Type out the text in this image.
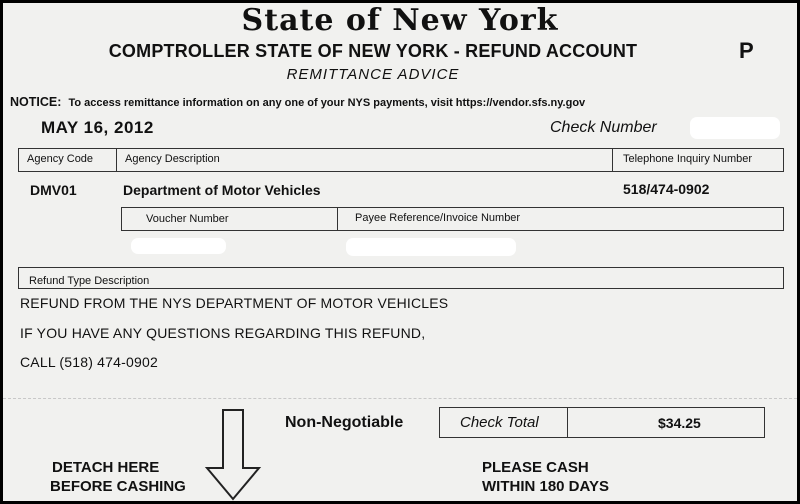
State of New York
COMPTROLLER STATE OF NEW YORK - REFUND ACCOUNT	P
REMITTANCE ADVICE
NOTICE: To access remittance information on any one of your NYS payments, visit https://vendor.sfs.ny.gov
MAY 16, 2012	Check Number
Agency Code	Agency Description	Telephone Inquiry Number
DMV01	Department of Motor Vehicles	518/474-0902
Voucher Number	Payee Reference/Invoice Number
Refund Type Description
REFUND FROM THE NYS DEPARTMENT OF MOTOR VEHICLES
IF YOU HAVE ANY QUESTIONS REGARDING THIS REFUND,
CALL (518) 474-0902
Non-Negotiable	Check Total	$34.25
DETACH HERE
BEFORE CASHING
PLEASE CASH
WITHIN 180 DAYS
